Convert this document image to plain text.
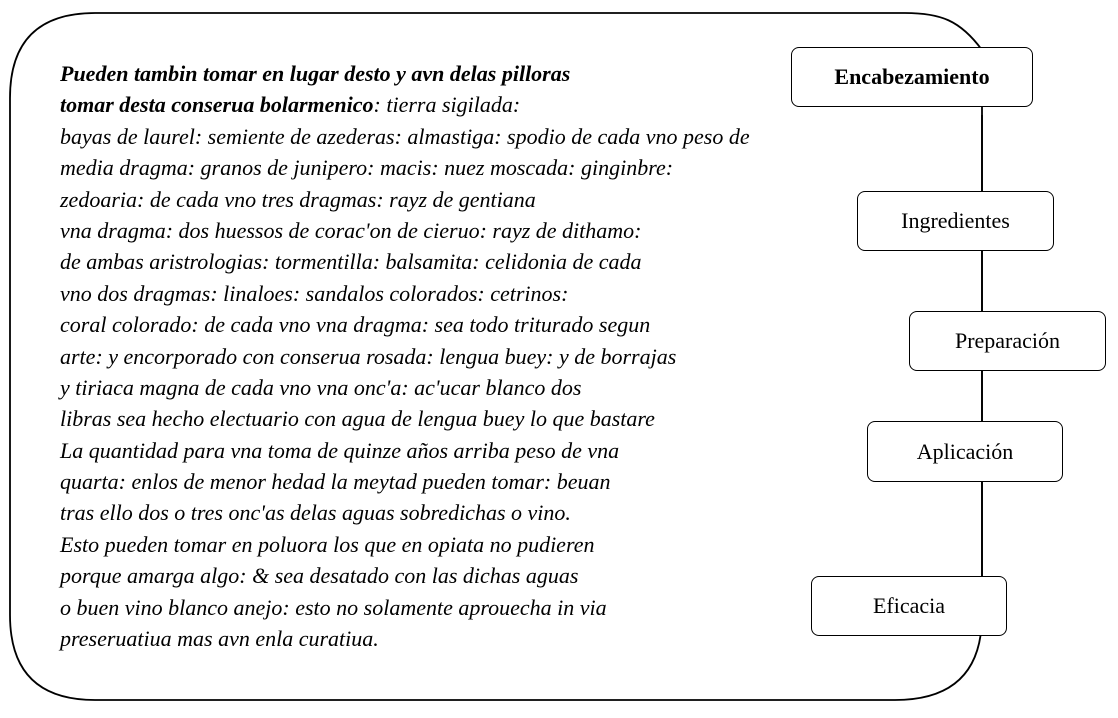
Pueden tambin tomar en lugar desto y avn delas pilloras
tomar desta conserua bolarmenico: tierra sigilada:
bayas de laurel: semiente de azederas: almastiga: spodio de cada vno peso de
media dragma: granos de junipero: macis: nuez moscada: ginginbre:
zedoaria: de cada vno tres dragmas: rayz de gentiana
vna dragma: dos huessos de corac'on de cieruo: rayz de dithamo:
de ambas aristrologias: tormentilla: balsamita: celidonia de cada
vno dos dragmas: linaloes: sandalos colorados: cetrinos:
coral colorado: de cada vno vna dragma: sea todo triturado segun
arte: y encorporado con conserua rosada: lengua buey: y de borrajas
y tiriaca magna de cada vno vna onc'a: ac'ucar blanco dos
libras sea hecho electuario con agua de lengua buey lo que bastare
La quantidad para vna toma de quinze años arriba peso de vna
quarta: enlos de menor hedad la meytad pueden tomar: beuan
tras ello dos o tres onc'as delas aguas sobredichas o vino.
Esto pueden tomar en poluora los que en opiata no pudieren
porque amarga algo: & sea desatado con las dichas aguas
o buen vino blanco anejo: esto no solamente aprouecha in via
preseruatiua mas avn enla curatiua.
Encabezamiento
Ingredientes
Preparación
Aplicación
Eficacia
